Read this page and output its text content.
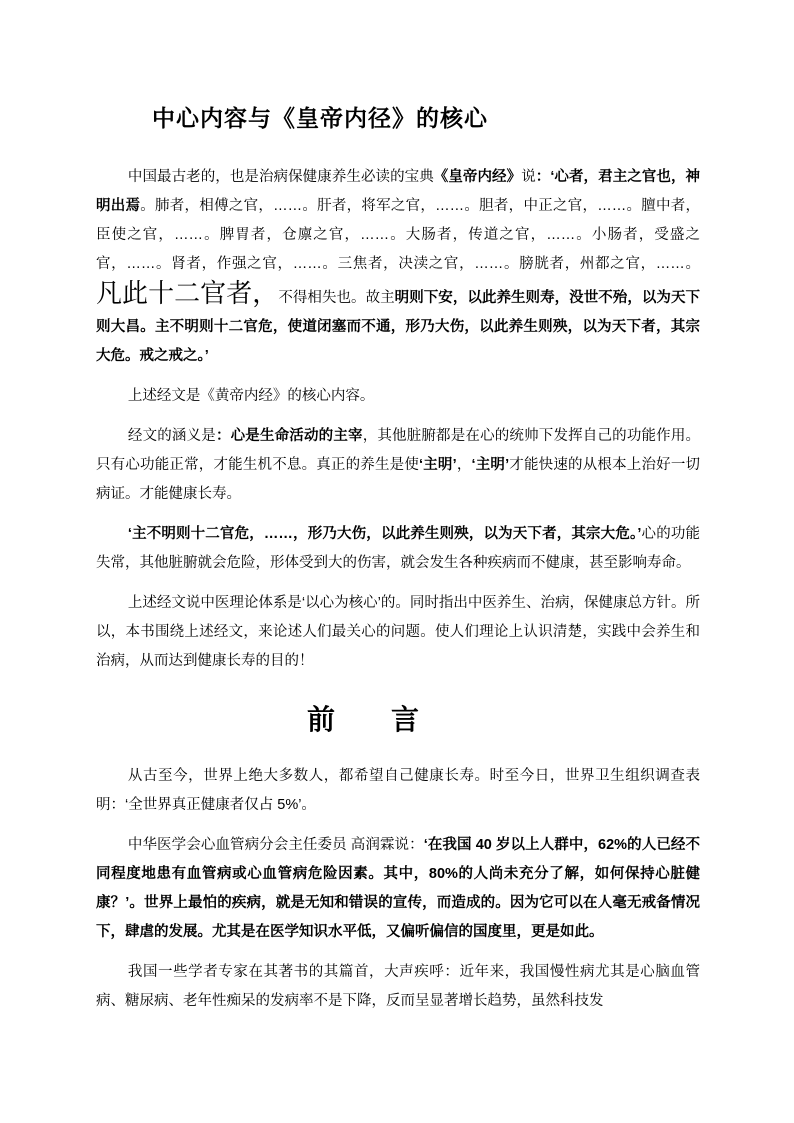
中心内容与《皇帝内径》的核心

中国最古老的，也是治病保健康养生必读的宝典《皇帝内经》说：‘心者，君主之官也，神明出焉。肺者，相傅之官，……。肝者，将军之官，……。胆者，中正之官，……。膻中者，臣使之官，……。脾胃者，仓廪之官，……。大肠者，传道之官，……。小肠者，受盛之官，……。肾者，作强之官，……。三焦者，决渎之官，……。膀胱者，州都之官，……。凡此十二官者，不得相失也。故主明则下安，以此养生则寿，没世不殆，以为天下则大昌。主不明则十二官危，使道闭塞而不通，形乃大伤，以此养生则殃，以为天下者，其宗大危。戒之戒之。’

上述经文是《黄帝内经》的核心内容。

经文的涵义是：心是生命活动的主宰，其他脏腑都是在心的统帅下发挥自己的功能作用。只有心功能正常，才能生机不息。真正的养生是使‘主明’，‘主明’才能快速的从根本上治好一切病证。才能健康长寿。

‘主不明则十二官危，……，形乃大伤，以此养生则殃，以为天下者，其宗大危。’心的功能失常，其他脏腑就会危险，形体受到大的伤害，就会发生各种疾病而不健康，甚至影响寿命。

上述经文说中医理论体系是‘以心为核心’的。同时指出中医养生、治病，保健康总方针。所以，本书围绕上述经文，来论述人们最关心的问题。使人们理论上认识清楚，实践中会养生和治病，从而达到健康长寿的目的！

前　　言

从古至今，世界上绝大多数人，都希望自己健康长寿。时至今日，世界卫生组织调查表明：‘全世界真正健康者仅占 5%’。

中华医学会心血管病分会主任委员 高润霖说：‘在我国 40 岁以上人群中，62%的人已经不同程度地患有血管病或心血管病危险因素。其中，80%的人尚未充分了解，如何保持心脏健康？’。世界上最怕的疾病，就是无知和错误的宣传，而造成的。因为它可以在人毫无戒备情况下，肆虐的发展。尤其是在医学知识水平低，又偏听偏信的国度里，更是如此。

我国一些学者专家在其著书的其篇首，大声疾呼：近年来，我国慢性病尤其是心脑血管病、糖尿病、老年性痴呆的发病率不是下降，反而呈显著增长趋势，虽然科技发
